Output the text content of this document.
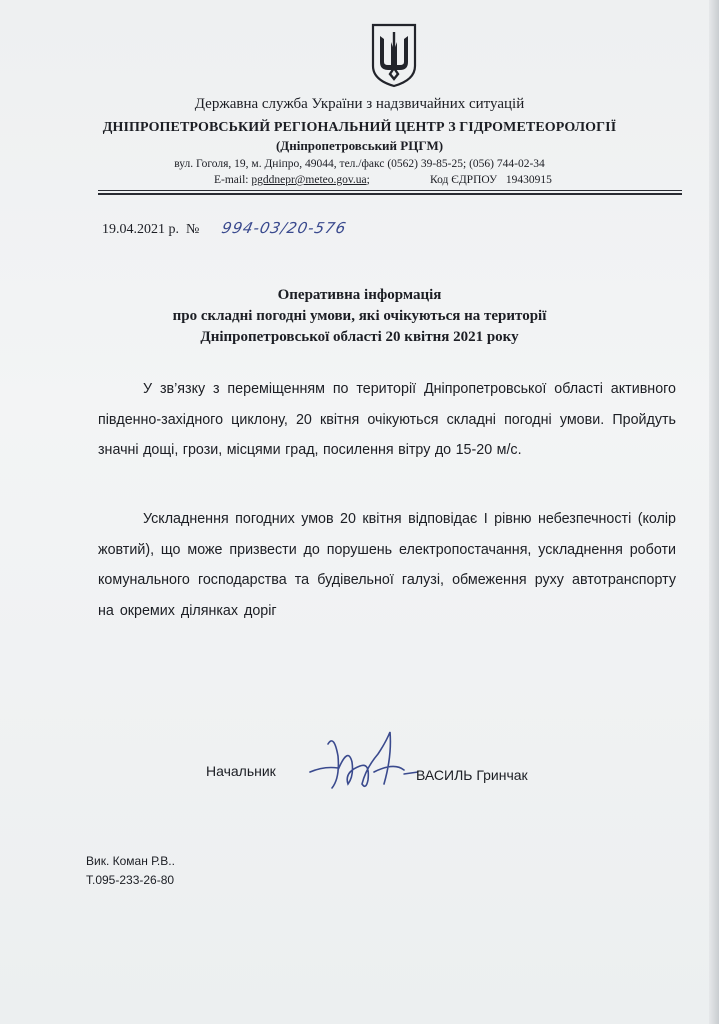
Державна служба України з надзвичайних ситуацій
ДНІПРОПЕТРОВСЬКИЙ РЕГІОНАЛЬНИЙ ЦЕНТР З ГІДРОМЕТЕОРОЛОГІЇ
(Дніпропетровський РЦГМ)
вул. Гоголя, 19, м. Дніпро, 49044, тел./факс (0562) 39-85-25; (056) 744-02-34
E-mail: pgddnepr@meteo.gov.ua;	Код ЄДРПОУ 19430915
19.04.2021 р. № 994-03/20-576
Оперативна інформація
про складні погодні умови, які очікуються на території
Дніпропетровської області 20 квітня 2021 року
У зв’язку з переміщенням по території Дніпропетровської області активного південно-західного циклону, 20 квітня очікуються складні погодні умови. Пройдуть значні дощі, грози, місцями град, посилення вітру до 15-20 м/с.
Ускладнення погодних умов 20 квітня відповідає І рівню небезпечності (колір жовтий), що може призвести до порушень електропостачання, ускладнення роботи комунального господарства та будівельної галузі, обмеження руху автотранспорту на окремих ділянках доріг
Начальник	ВАСИЛЬ Гринчак
Вик. Коман Р.В..
Т.095-233-26-80
